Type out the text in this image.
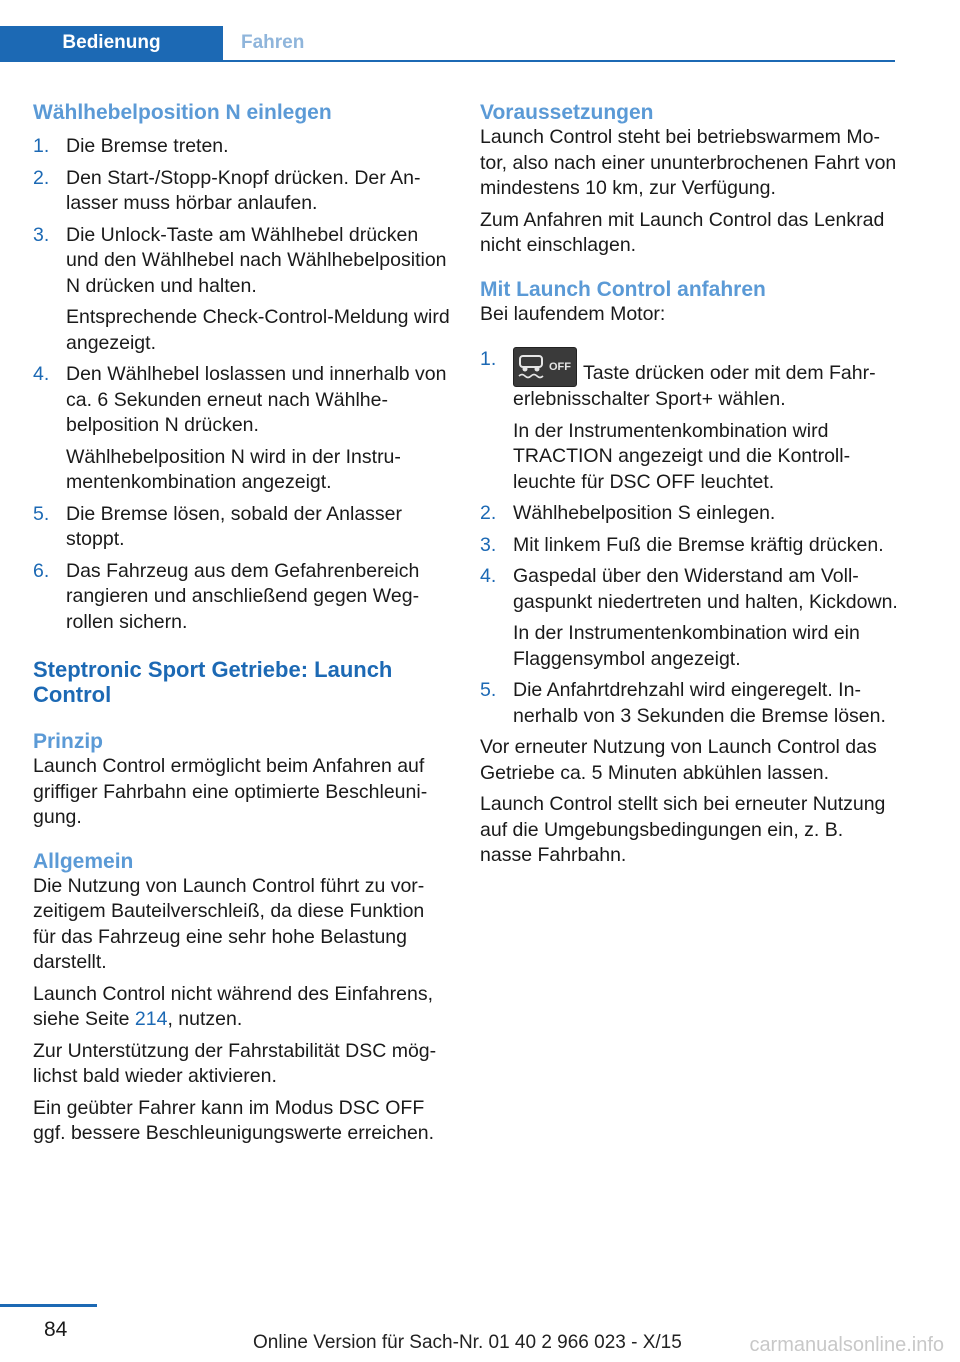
Bedienung	Fahren
Wählhebelposition N einlegen
1. Die Bremse treten.
2. Den Start-/Stopp-Knopf drücken. Der Anlasser muss hörbar anlaufen.
3. Die Unlock-Taste am Wählhebel drücken und den Wählhebel nach Wählhebelposition N drücken und halten.

Entsprechende Check-Control-Meldung wird angezeigt.

4. Den Wählhebel loslassen und innerhalb von ca. 6 Sekunden erneut nach Wählhebelposition N drücken.

Wählhebelposition N wird in der Instrumentenkombination angezeigt.

5. Die Bremse lösen, sobald der Anlasser stoppt.
6. Das Fahrzeug aus dem Gefahrenbereich rangieren und anschließend gegen Wegrollen sichern.
Steptronic Sport Getriebe: Launch Control
Prinzip

Launch Control ermöglicht beim Anfahren auf griffiger Fahrbahn eine optimierte Beschleunigung.

Allgemein

Die Nutzung von Launch Control führt zu vorzeitigem Bauteilverschleiß, da diese Funktion für das Fahrzeug eine sehr hohe Belastung darstellt.

Launch Control nicht während des Einfahrens, siehe Seite 214, nutzen.

Zur Unterstützung der Fahrstabilität DSC möglichst bald wieder aktivieren.

Ein geübter Fahrer kann im Modus DSC OFF ggf. bessere Beschleunigungswerte erreichen.

Voraussetzungen

Launch Control steht bei betriebswarmem Motor, also nach einer ununterbrochenen Fahrt von mindestens 10 km, zur Verfügung.

Zum Anfahren mit Launch Control das Lenkrad nicht einschlagen.

Mit Launch Control anfahren

Bei laufendem Motor:

1.	OFF Taste drücken oder mit dem Fahrerlebnisschalter Sport+ wählen.

In der Instrumentenkombination wird TRACTION angezeigt und die Kontrollleuchte für DSC OFF leuchtet.

2. Wählhebelposition S einlegen.
3. Mit linkem Fuß die Bremse kräftig drücken.
4. Gaspedal über den Widerstand am Vollgaspunkt niedertreten und halten, Kickdown.

In der Instrumentenkombination wird ein Flaggensymbol angezeigt.

5. Die Anfahrtdrehzahl wird eingeregelt. Innerhalb von 3 Sekunden die Bremse lösen.

Vor erneuter Nutzung von Launch Control das Getriebe ca. 5 Minuten abkühlen lassen.

Launch Control stellt sich bei erneuter Nutzung auf die Umgebungsbedingungen ein, z. B. nasse Fahrbahn.

84
Online Version für Sach-Nr. 01 40 2 966 023 - X/15	carmanualsonline.info
